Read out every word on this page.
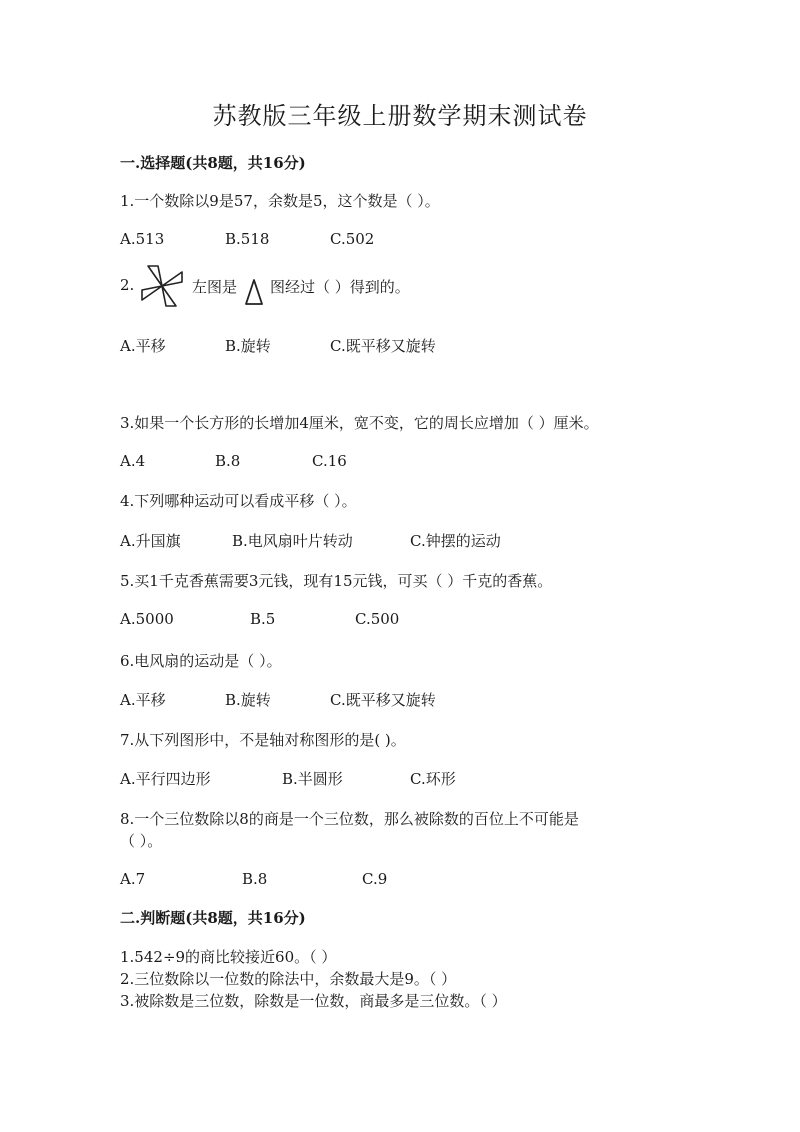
苏教版三年级上册数学期末测试卷
一.选择题(共8题，共16分)
1.一个数除以9是57，余数是5，这个数是（ ）。
A.513	B.518	C.502
2.	左图是 图经过（ ）得到的。
A.平移	B.旋转	C.既平移又旋转
3.如果一个长方形的长增加4厘米，宽不变，它的周长应增加（ ）厘米。
A.4	B.8	C.16
4.下列哪种运动可以看成平移（ ）。
A.升国旗	B.电风扇叶片转动	C.钟摆的运动
5.买1千克香蕉需要3元钱，现有15元钱，可买（ ）千克的香蕉。
A.5000	B.5	C.500
6.电风扇的运动是（ ）。
A.平移	B.旋转	C.既平移又旋转
7.从下列图形中，不是轴对称图形的是( )。
A.平行四边形	B.半圆形	C.环形
8.一个三位数除以8的商是一个三位数，那么被除数的百位上不可能是
（ ）。
A.7	B.8	C.9
二.判断题(共8题，共16分)
1.542÷9的商比较接近60。（ ）
2.三位数除以一位数的除法中，余数最大是9。（ ）
3.被除数是三位数，除数是一位数，商最多是三位数。（ ）
